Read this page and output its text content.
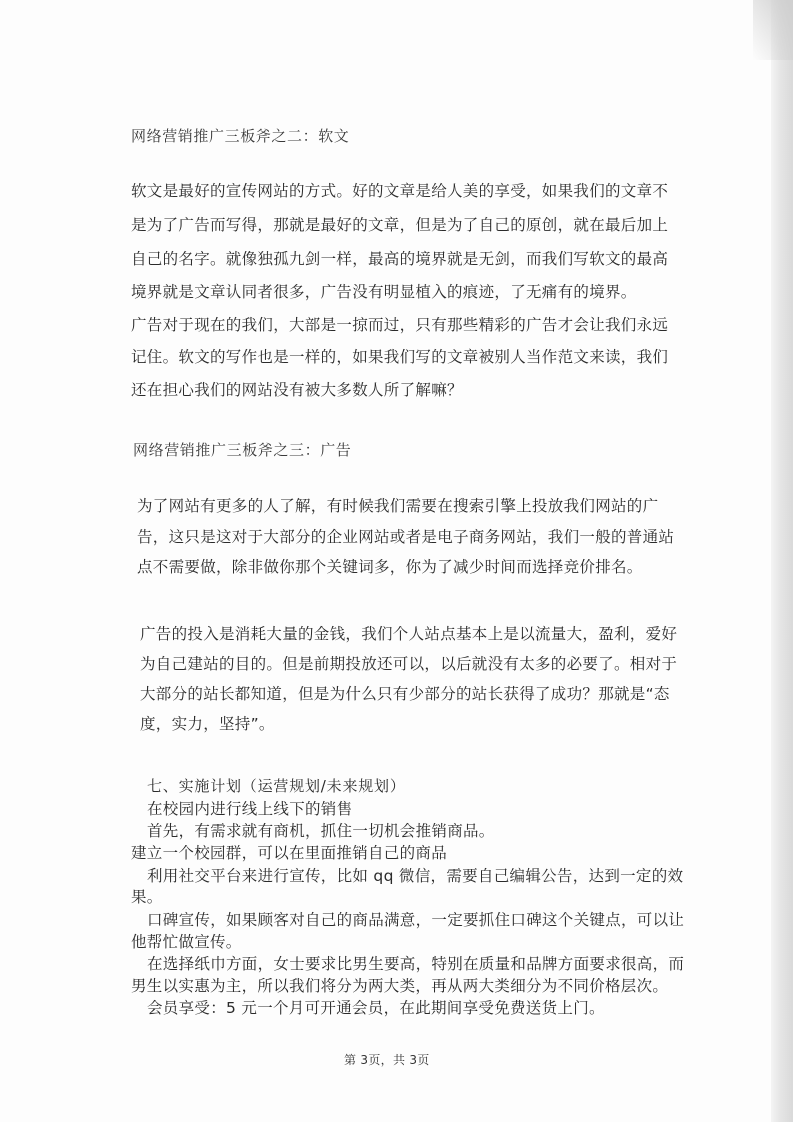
网络营销推广三板斧之二：软文
软文是最好的宣传网站的方式。好的文章是给人美的享受，如果我们的文章不
是为了广告而写得，那就是最好的文章，但是为了自己的原创，就在最后加上
自己的名字。就像独孤九剑一样，最高的境界就是无剑，而我们写软文的最高
境界就是文章认同者很多，广告没有明显植入的痕迹，了无痛有的境界。
广告对于现在的我们，大部是一掠而过，只有那些精彩的广告才会让我们永远
记住。软文的写作也是一样的，如果我们写的文章被别人当作范文来读，我们
还在担心我们的网站没有被大多数人所了解嘛？
网络营销推广三板斧之三：广告
为了网站有更多的人了解，有时候我们需要在搜索引擎上投放我们网站的广
告，这只是这对于大部分的企业网站或者是电子商务网站，我们一般的普通站
点不需要做，除非做你那个关键词多，你为了减少时间而选择竞价排名。
广告的投入是消耗大量的金钱，我们个人站点基本上是以流量大，盈利，爱好
为自己建站的目的。但是前期投放还可以，以后就没有太多的必要了。相对于
大部分的站长都知道，但是为什么只有少部分的站长获得了成功？那就是“态
度，实力，坚持”。
七、实施计划（运营规划/未来规划）
在校园内进行线上线下的销售
首先，有需求就有商机，抓住一切机会推销商品。
建立一个校园群，可以在里面推销自己的商品
利用社交平台来进行宣传，比如 qq 微信，需要自己编辑公告，达到一定的效
果。
口碑宣传，如果顾客对自己的商品满意，一定要抓住口碑这个关键点，可以让
他帮忙做宣传。
在选择纸巾方面，女士要求比男生要高，特别在质量和品牌方面要求很高，而
男生以实惠为主，所以我们将分为两大类，再从两大类细分为不同价格层次。
会员享受：5 元一个月可开通会员，在此期间享受免费送货上门。
第 3页，共 3页
